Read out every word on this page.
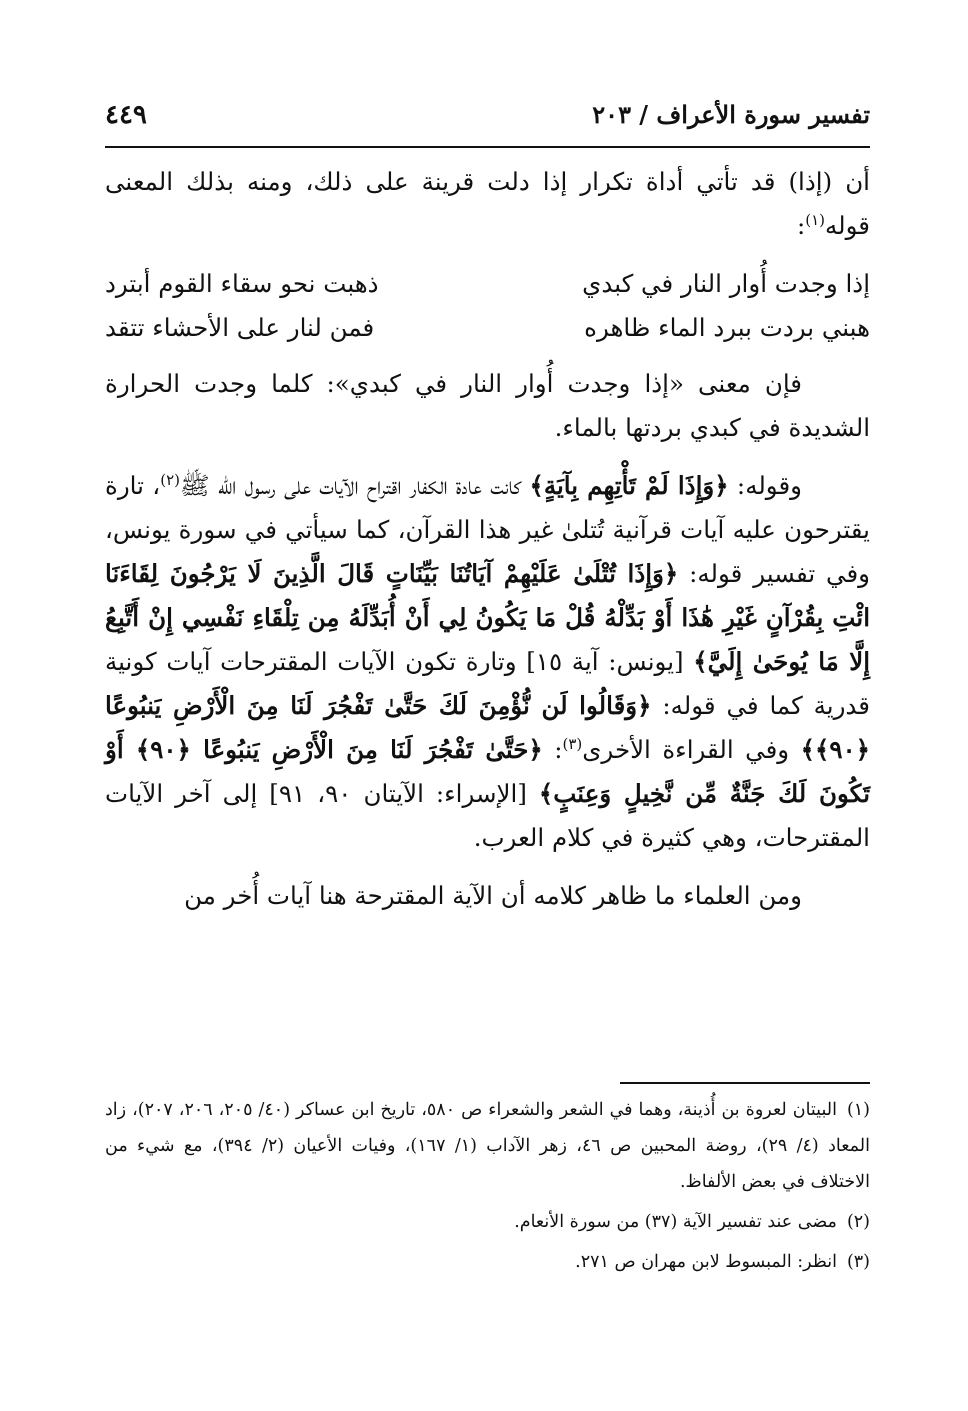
تفسير سورة الأعراف / ٢٠٣
٤٤٩

أن (إذا) قد تأتي أداة تكرار إذا دلت قرينة على ذلك، ومنه بذلك المعنى قوله$^{(١)}$:

إذا وجدت أُوار النار في كبدي
ذهبت نحو سقاء القوم أبترد
هبني بردت ببرد الماء ظاهره
فمن لنار على الأحشاء تتقد

فإن معنى «إذا وجدت أُوار النار في كبدي»: كلما وجدت الحرارة الشديدة في كبدي بردتها بالماء.

وقوله: ﴿وَإِذَا لَمْ تَأْتِهِم بِآيَةٍ﴾ كانت عادة الكفار اقتراح الآيات على رسول الله ﷺ$^{(٢)}$، تارة يقترحون عليه آيات قرآنية تُتلىٰ غير هذا القرآن، كما سيأتي في سورة يونس، وفي تفسير قوله: ﴿وَإِذَا تُتْلَىٰ عَلَيْهِمْ آيَاتُنَا بَيِّنَاتٍ قَالَ الَّذِينَ لَا يَرْجُونَ لِقَاءَنَا ائْتِ بِقُرْآنٍ غَيْرِ هَٰذَا أَوْ بَدِّلْهُ قُلْ مَا يَكُونُ لِي أَنْ أُبَدِّلَهُ مِن تِلْقَاءِ نَفْسِي إِنْ أَتَّبِعُ إِلَّا مَا يُوحَىٰ إِلَيَّ﴾ [يونس: آية ١٥] وتارة تكون الآيات المقترحات آيات كونية قدرية كما في قوله: ﴿وَقَالُوا لَن نُّؤْمِنَ لَكَ حَتَّىٰ تَفْجُرَ لَنَا مِنَ الْأَرْضِ يَنبُوعًا ﴿٩٠﴾﴾ وفي القراءة الأخرى$^{(٣)}$: ﴿حَتَّىٰ تَفْجُرَ لَنَا مِنَ الْأَرْضِ يَنبُوعًا ﴿٩٠﴾ أَوْ تَكُونَ لَكَ جَنَّةٌ مِّن نَّخِيلٍ وَعِنَبٍ﴾ [الإسراء: الآيتان ٩٠، ٩١] إلى آخر الآيات المقترحات، وهي كثيرة في كلام العرب.

ومن العلماء ما ظاهر كلامه أن الآية المقترحة هنا آيات أُخر من

(١)البيتان لعروة بن أُذينة، وهما في الشعر والشعراء ص ٥٨٠، تاريخ ابن عساكر (٤٠/ ٢٠٥، ٢٠٦، ٢٠٧)، زاد المعاد (٤/ ٢٩)، روضة المحبين ص ٤٦، زهر الآداب (١/ ١٦٧)، وفيات الأعيان (٢/ ٣٩٤)، مع شيء من الاختلاف في بعض الألفاظ.
(٢)مضى عند تفسير الآية (٣٧) من سورة الأنعام.
(٣)انظر: المبسوط لابن مهران ص ٢٧١.
